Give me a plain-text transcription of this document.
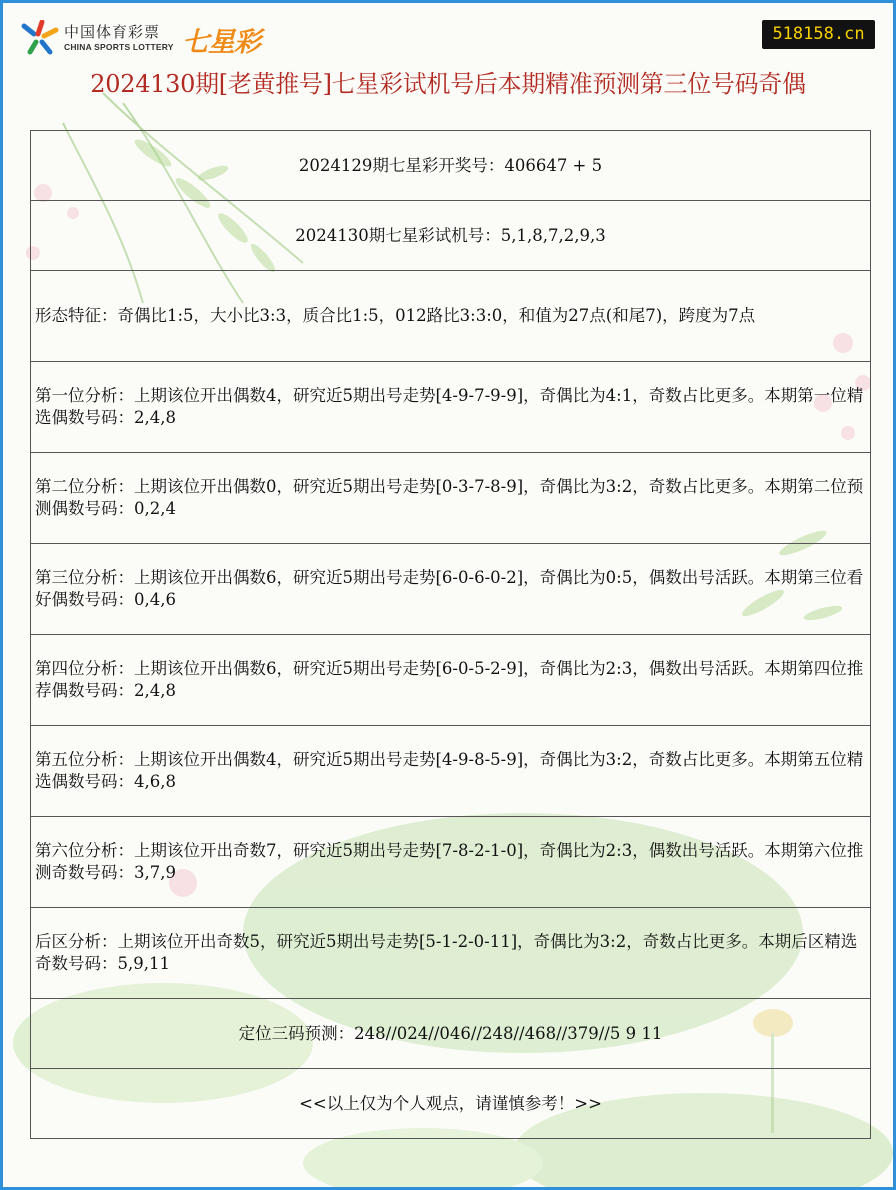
中国体育彩票
CHINA SPORTS LOTTERY 七星彩	518158.cn
2024130期[老黄推号]七星彩试机号后本期精准预测第三位号码奇偶
2024129期七星彩开奖号：406647 + 5
2024130期七星彩试机号：5,1,8,7,2,9,3
形态特征：奇偶比1:5，大小比3:3，质合比1:5，012路比3:3:0，和值为27点(和尾7)，跨度为7点
第一位分析：上期该位开出偶数4，研究近5期出号走势[4-9-7-9-9]，奇偶比为4:1，奇数占比更多。本期第一位精选偶数号码：2,4,8
第二位分析：上期该位开出偶数0，研究近5期出号走势[0-3-7-8-9]，奇偶比为3:2，奇数占比更多。本期第二位预测偶数号码：0,2,4
第三位分析：上期该位开出偶数6，研究近5期出号走势[6-0-6-0-2]，奇偶比为0:5，偶数出号活跃。本期第三位看好偶数号码：0,4,6
第四位分析：上期该位开出偶数6，研究近5期出号走势[6-0-5-2-9]，奇偶比为2:3，偶数出号活跃。本期第四位推荐偶数号码：2,4,8
第五位分析：上期该位开出偶数4，研究近5期出号走势[4-9-8-5-9]，奇偶比为3:2，奇数占比更多。本期第五位精选偶数号码：4,6,8
第六位分析：上期该位开出奇数7，研究近5期出号走势[7-8-2-1-0]，奇偶比为2:3，偶数出号活跃。本期第六位推测奇数号码：3,7,9
后区分析：上期该位开出奇数5，研究近5期出号走势[5-1-2-0-11]，奇偶比为3:2，奇数占比更多。本期后区精选奇数号码：5,9,11
定位三码预测：248//024//046//248//468//379//5 9 11
<<以上仅为个人观点，请谨慎参考！>>
